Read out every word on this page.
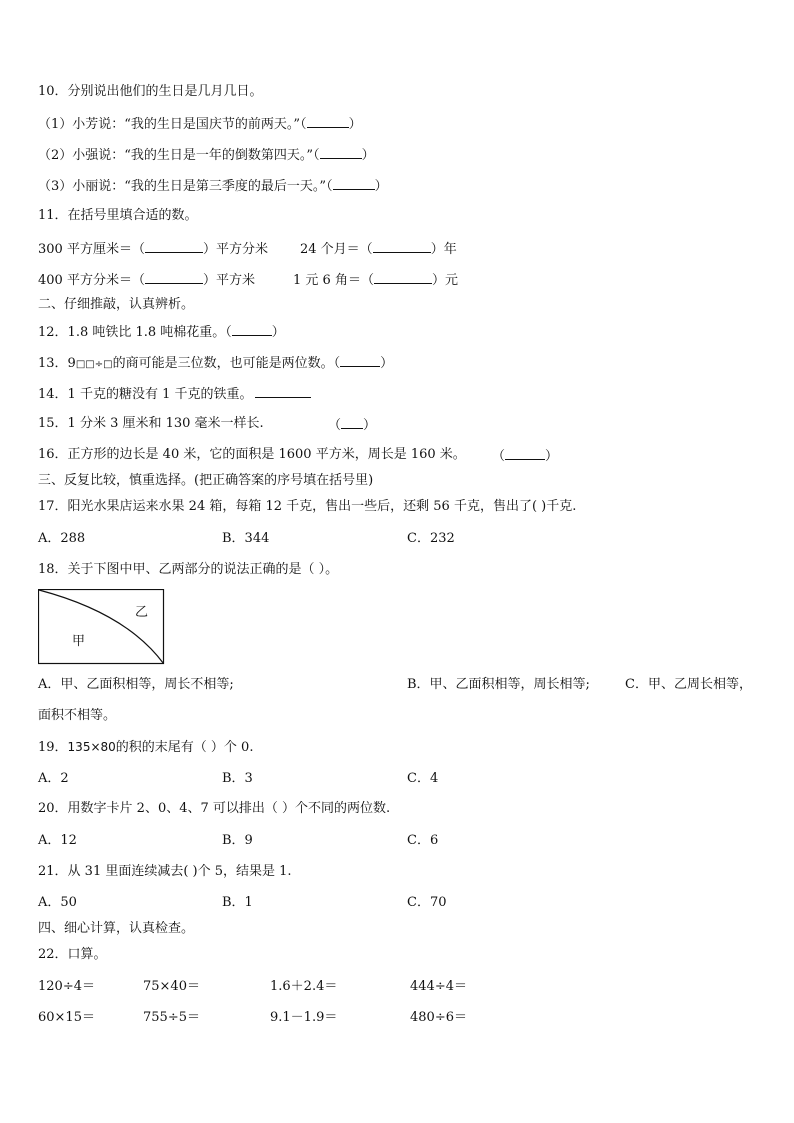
10．分别说出他们的生日是几月几日。
（1）小芳说：“我的生日是国庆节的前两天。”（	）
（2）小强说：“我的生日是一年的倒数第四天。”（	）
（3）小丽说：“我的生日是第三季度的最后一天。”（	）
11．在括号里填合适的数。
300 平方厘米＝（	）平方分米 24 个月＝（	）年
400 平方分米＝（	）平方米	1 元 6 角＝（	）元
二、仔细推敲，认真辨析。
12．1.8 吨铁比 1.8 吨棉花重。（	）
13．9□□÷□的商可能是三位数，也可能是两位数。（	）
14．1 千克的糖没有 1 千克的铁重。
15．1 分米 3 厘米和 130 毫米一样长.	（ ）
16．正方形的边长是 40 米，它的面积是 1600 平方米，周长是 160 米。 （	）
三、反复比较，慎重选择。(把正确答案的序号填在括号里)
17．阳光水果店运来水果 24 箱，每箱 12 千克，售出一些后，还剩 56 千克，售出了( )千克.
A．288	B．344	C．232
18．关于下图中甲、乙两部分的说法正确的是（ ）。
甲
乙
A．甲、乙面积相等，周长不相等;	B．甲、乙面积相等，周长相等;	C．甲、乙周长相等，
面积不相等。
19．135×80的积的末尾有（ ）个 0.
A．2	B．3	C．4
20．用数字卡片 2、0、4、7 可以排出（ ）个不同的两位数.
A．12	B．9	C．6
21．从 31 里面连续减去( )个 5，结果是 1.
A．50	B．1	C．70
四、细心计算，认真检查。
22．口算。
120÷4＝	75×40＝	1.6＋2.4＝	444÷4＝
60×15＝	755÷5＝	9.1－1.9＝	480÷6＝
